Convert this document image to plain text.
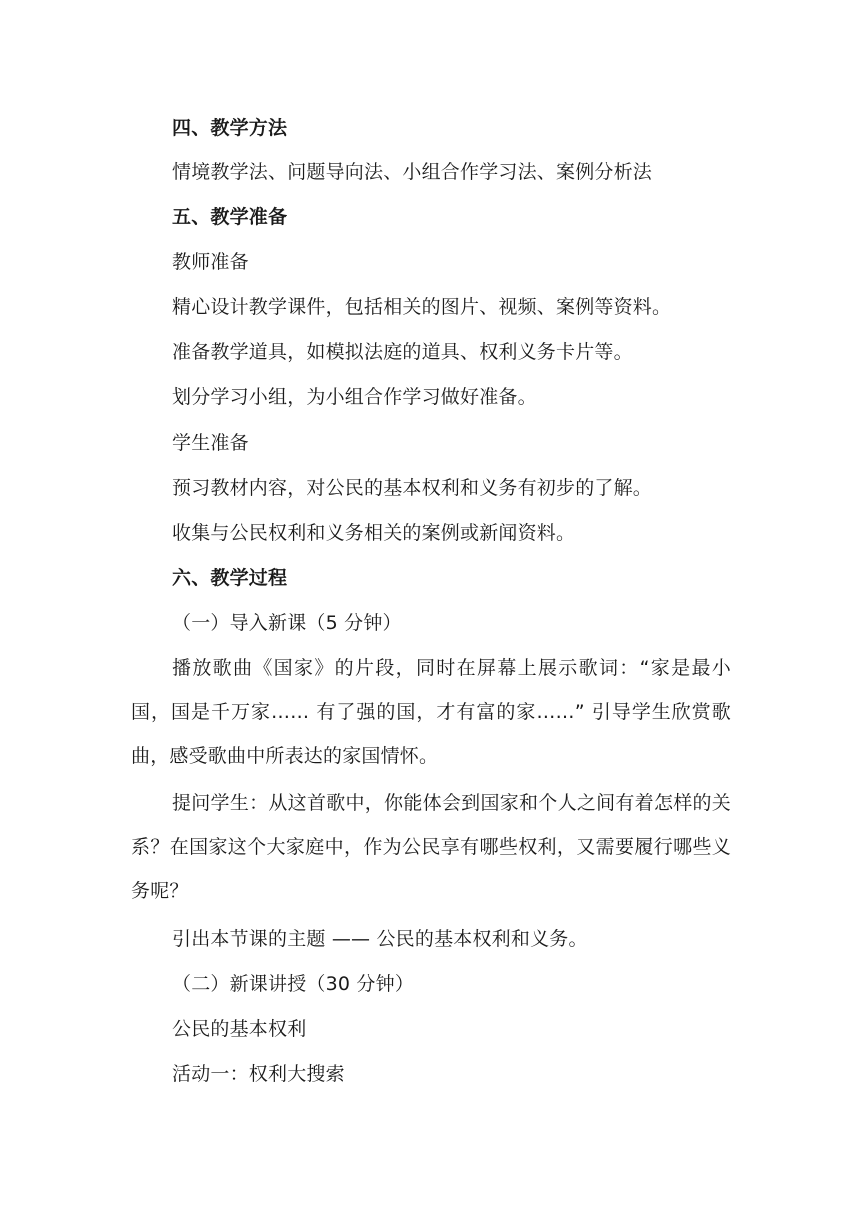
四、教学方法
情境教学法、问题导向法、小组合作学习法、案例分析法
五、教学准备
教师准备
精心设计教学课件，包括相关的图片、视频、案例等资料。
准备教学道具，如模拟法庭的道具、权利义务卡片等。
划分学习小组，为小组合作学习做好准备。
学生准备
预习教材内容，对公民的基本权利和义务有初步的了解。
收集与公民权利和义务相关的案例或新闻资料。
六、教学过程
（一）导入新课（5 分钟）
播放歌曲《国家》的片段，同时在屏幕上展示歌词：“家是最小国，国是千万家…… 有了强的国，才有富的家……” 引导学生欣赏歌曲，感受歌曲中所表达的家国情怀。
提问学生：从这首歌中，你能体会到国家和个人之间有着怎样的关系？在国家这个大家庭中，作为公民享有哪些权利，又需要履行哪些义务呢？
引出本节课的主题 —— 公民的基本权利和义务。
（二）新课讲授（30 分钟）
公民的基本权利
活动一：权利大搜索
